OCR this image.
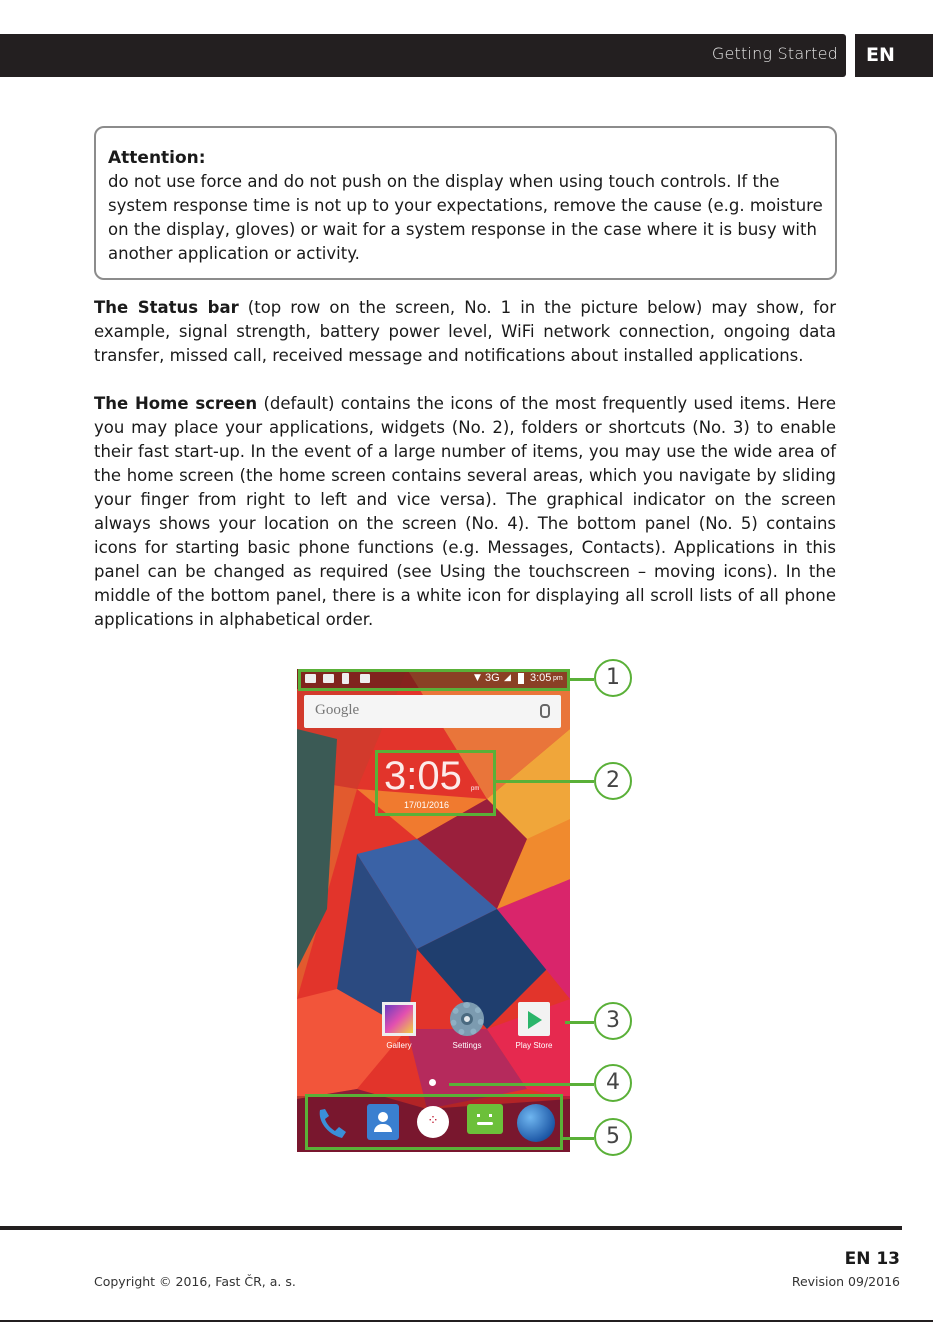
Getting Started	EN
Attention:
do not use force and do not push on the display when using touch controls. If the system response time is not up to your expectations, remove the cause (e.g. moisture on the display, gloves) or wait for a system response in the case where it is busy with another application or activity.
The Status bar (top row on the screen, No. 1 in the picture below) may show, for example, signal strength, battery power level, WiFi network connection, ongoing data transfer, missed call, received message and notifications about installed applications.
The Home screen (default) contains the icons of the most frequently used items. Here you may place your applications, widgets (No. 2), folders or shortcuts (No. 3) to enable their fast start-up. In the event of a large number of items, you may use the wide area of the home screen (the home screen contains several areas, which you navigate by sliding your finger from right to left and vice versa). The graphical indicator on the screen always shows your location on the screen (No. 4). The bottom panel (No. 5) contains icons for starting basic phone functions (e.g. Messages, Contacts). Applications in this panel can be changed as required (see Using the touchscreen – moving icons). In the middle of the bottom panel, there is a white icon for displaying all scroll lists of all phone applications in alphabetical order.
▼ 3G ◢ 3:05 pm
Google
3:05 pm
17/01/2016
Gallery	Settings	Play Store
⁘
1
2
3
4
5
EN 13
Copyright © 2016, Fast ČR, a. s.	Revision 09/2016
